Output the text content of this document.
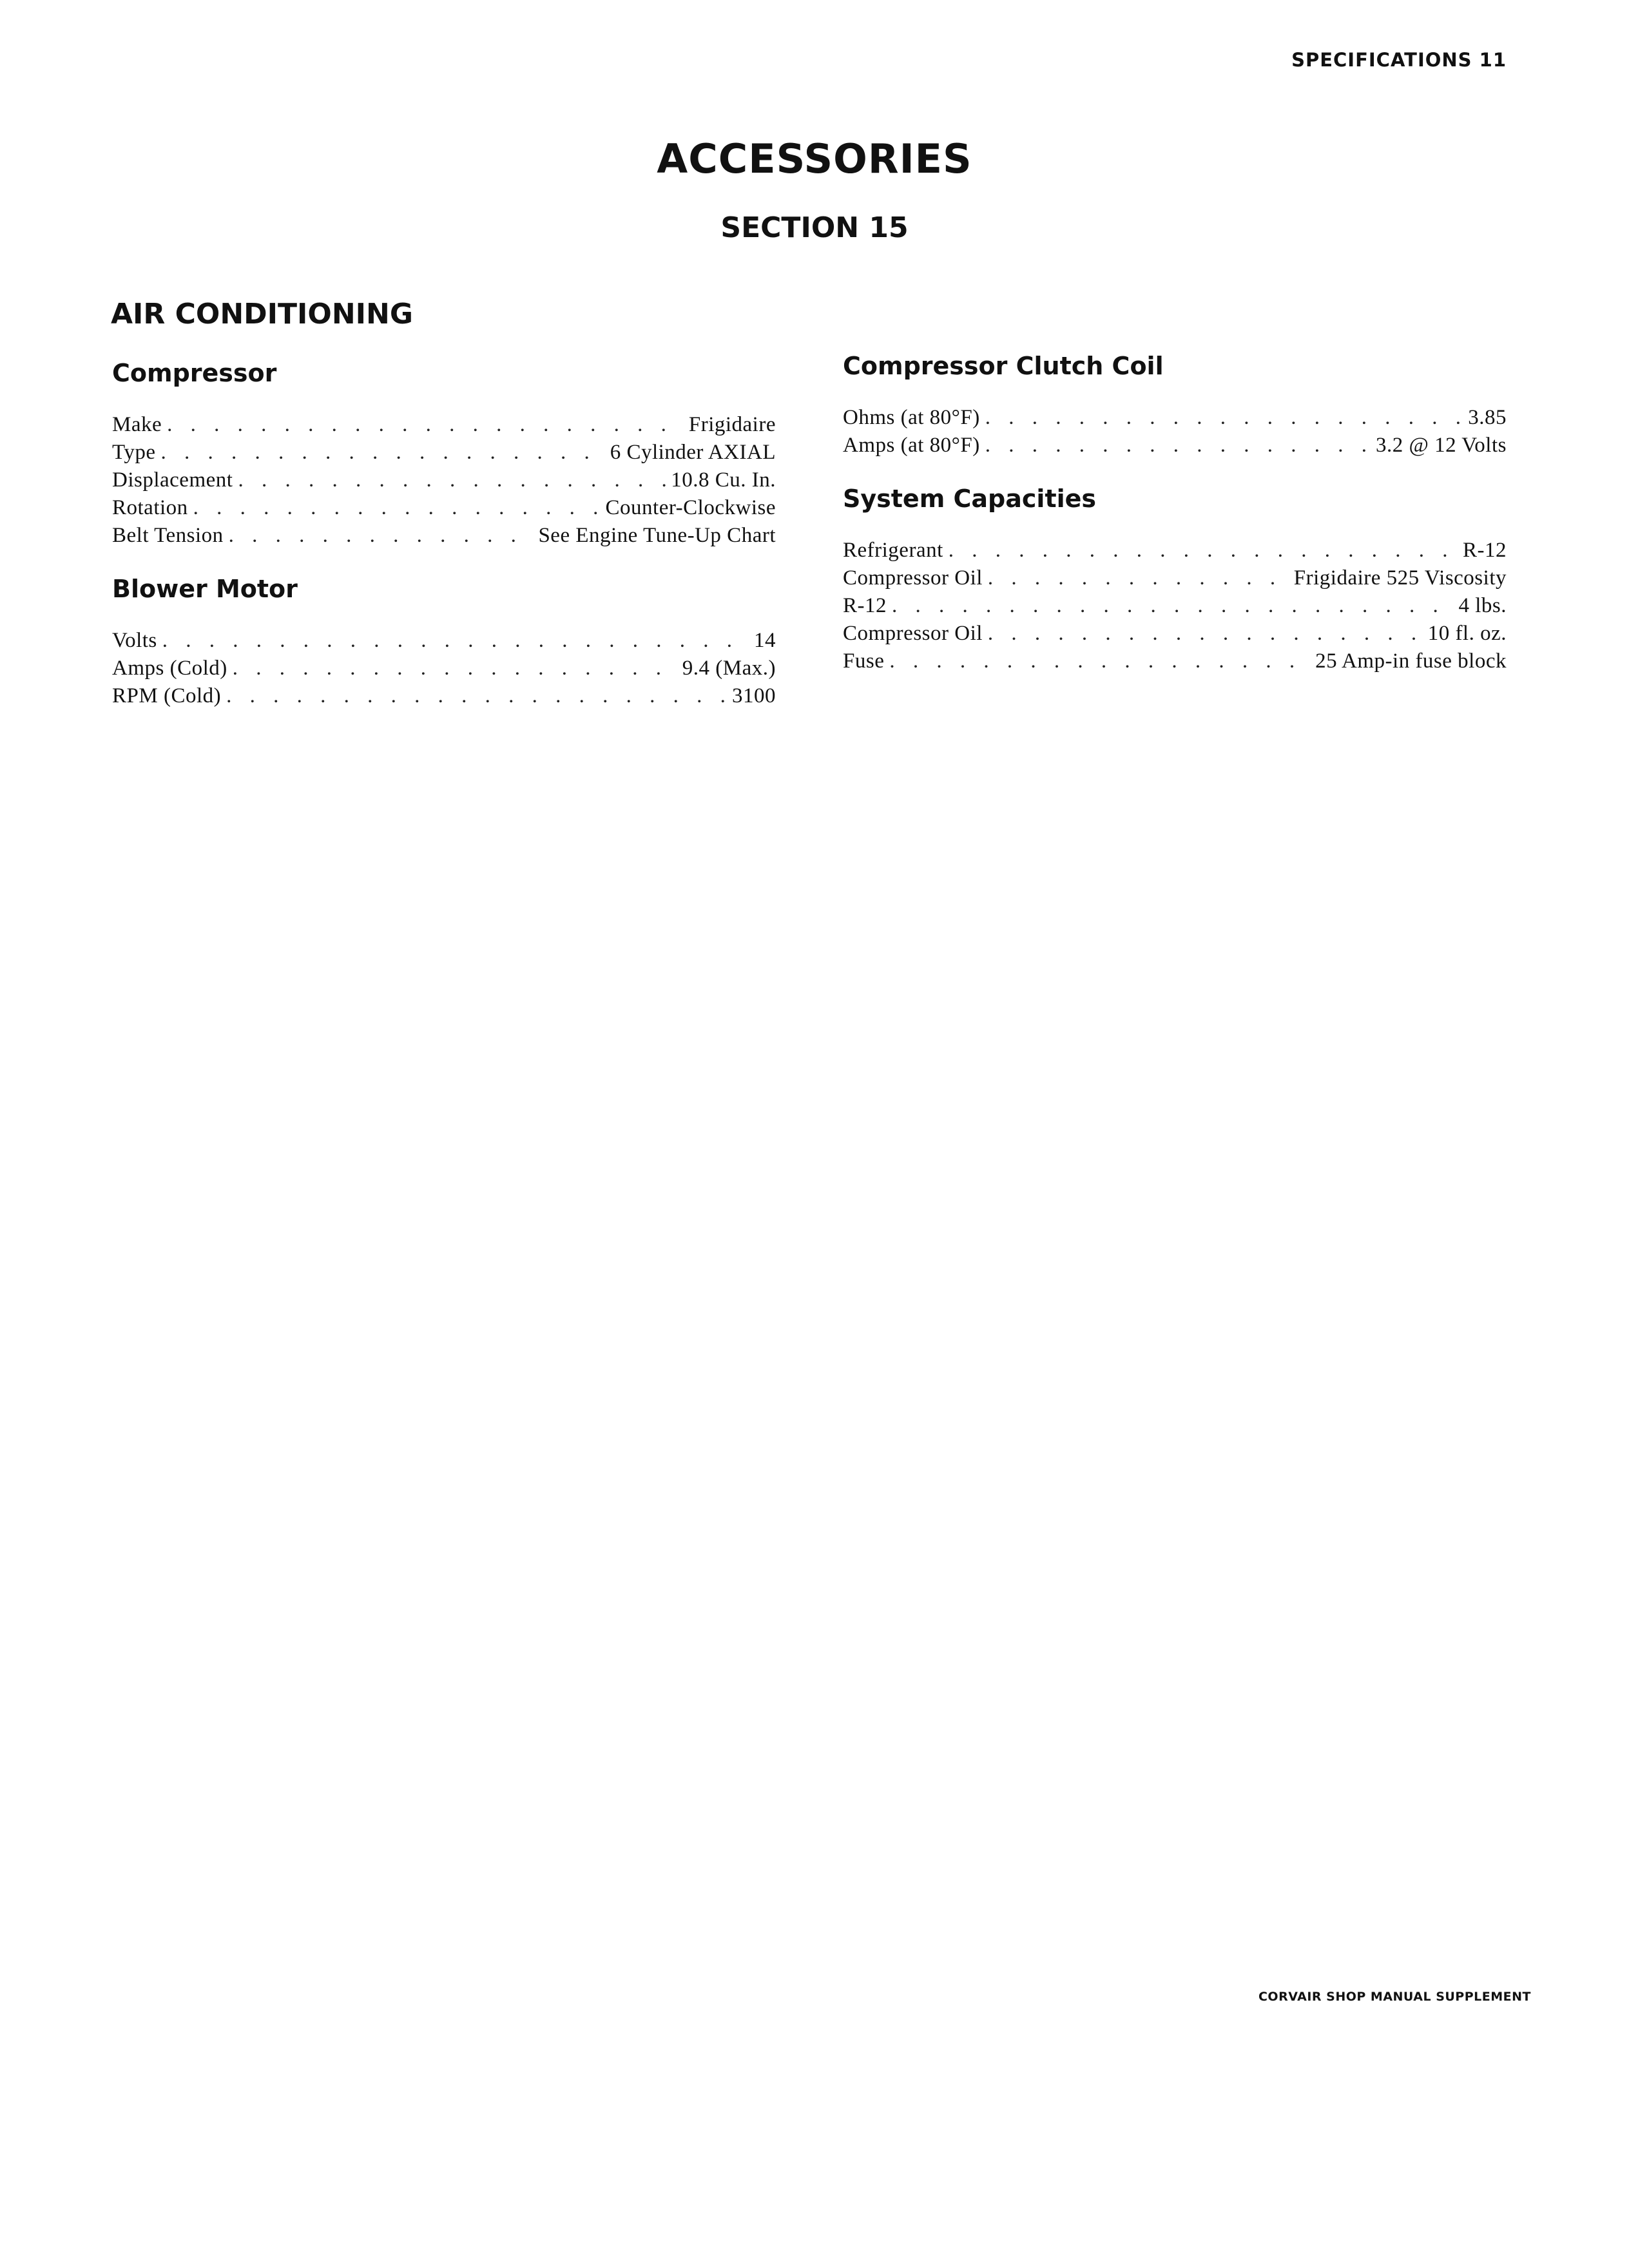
SPECIFICATIONS 11
ACCESSORIES
SECTION 15
AIR CONDITIONING
Compressor
Make . . .	Frigidaire
Type . . .	6 Cylinder AXIAL
Displacement . . .	10.8 Cu. In.
Rotation . . .	Counter-Clockwise
Belt Tension . . .	See Engine Tune-Up Chart
Blower Motor
Volts . . .	14
Amps (Cold) . . .	9.4 (Max.)
RPM (Cold) . . .	3100
Compressor Clutch Coil
Ohms (at 80°F) . . .	3.85
Amps (at 80°F) . . .	3.2 @ 12 Volts
System Capacities
Refrigerant . . .	R-12
Compressor Oil . . .	Frigidaire 525 Viscosity
R-12 . . .	4 lbs.
Compressor Oil . . .	10 fl. oz.
Fuse . . .	25 Amp-in fuse block
CORVAIR SHOP MANUAL SUPPLEMENT
